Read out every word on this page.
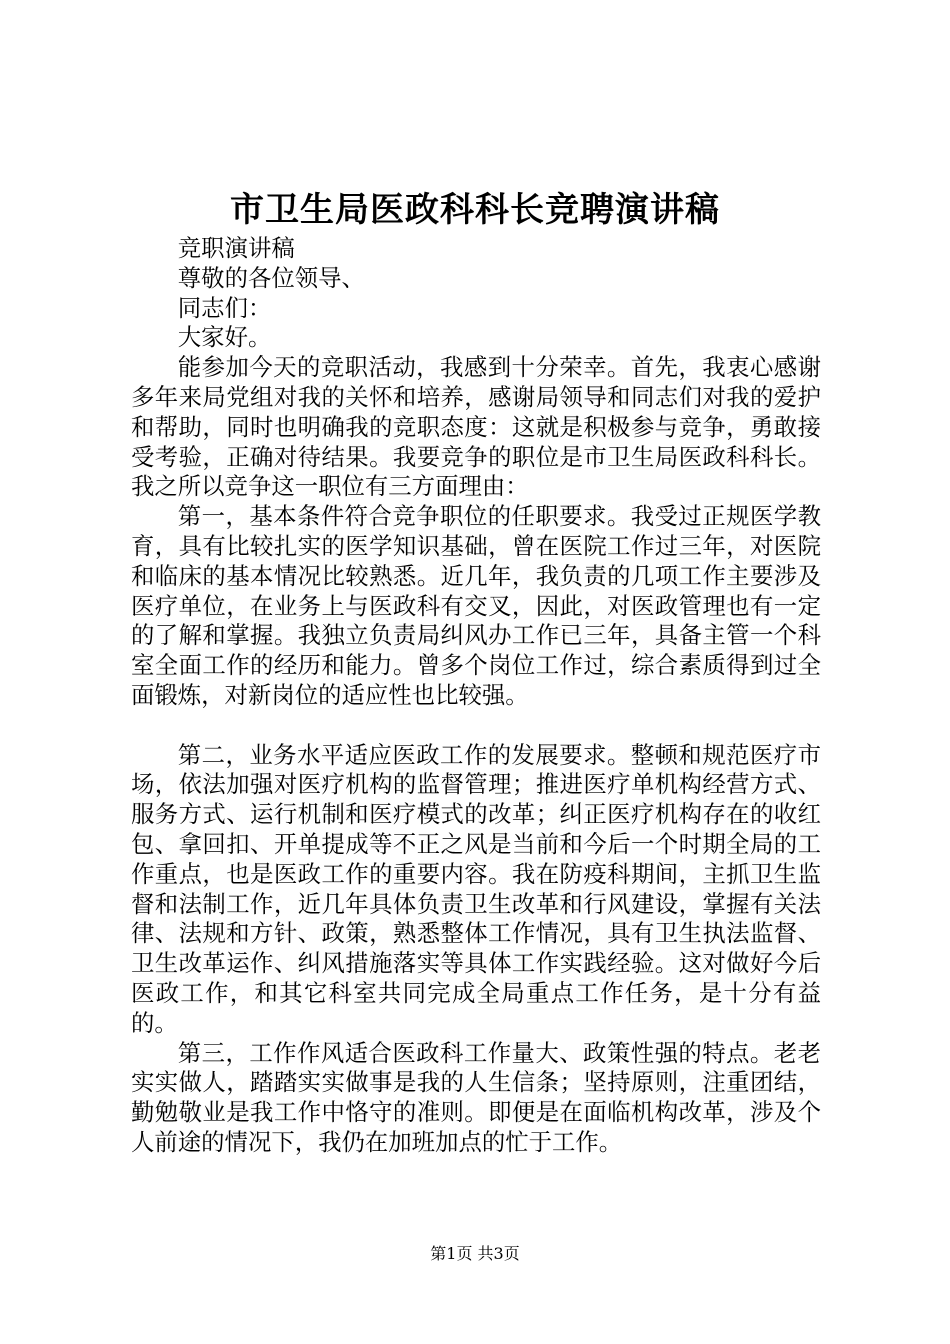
市卫生局医政科科长竞聘演讲稿

竞职演讲稿

尊敬的各位领导、

同志们：

大家好。

能参加今天的竞职活动，我感到十分荣幸。首先，我衷心感谢多年来局党组对我的关怀和培养，感谢局领导和同志们对我的爱护和帮助，同时也明确我的竞职态度：这就是积极参与竞争，勇敢接受考验，正确对待结果。我要竞争的职位是市卫生局医政科科长。我之所以竞争这一职位有三方面理由：

第一，基本条件符合竞争职位的任职要求。我受过正规医学教育，具有比较扎实的医学知识基础，曾在医院工作过三年，对医院和临床的基本情况比较熟悉。近几年，我负责的几项工作主要涉及医疗单位，在业务上与医政科有交叉，因此，对医政管理也有一定的了解和掌握。我独立负责局纠风办工作已三年，具备主管一个科室全面工作的经历和能力。曾多个岗位工作过，综合素质得到过全面锻炼，对新岗位的适应性也比较强。

第二，业务水平适应医政工作的发展要求。整顿和规范医疗市场，依法加强对医疗机构的监督管理；推进医疗单机构经营方式、服务方式、运行机制和医疗模式的改革；纠正医疗机构存在的收红包、拿回扣、开单提成等不正之风是当前和今后一个时期全局的工作重点，也是医政工作的重要内容。我在防疫科期间，主抓卫生监督和法制工作，近几年具体负责卫生改革和行风建设，掌握有关法律、法规和方针、政策，熟悉整体工作情况，具有卫生执法监督、卫生改革运作、纠风措施落实等具体工作实践经验。这对做好今后医政工作，和其它科室共同完成全局重点工作任务，是十分有益的。

第三，工作作风适合医政科工作量大、政策性强的特点。老老实实做人，踏踏实实做事是我的人生信条；坚持原则，注重团结，勤勉敬业是我工作中恪守的准则。即便是在面临机构改革，涉及个人前途的情况下，我仍在加班加点的忙于工作。

第1页 共3页
